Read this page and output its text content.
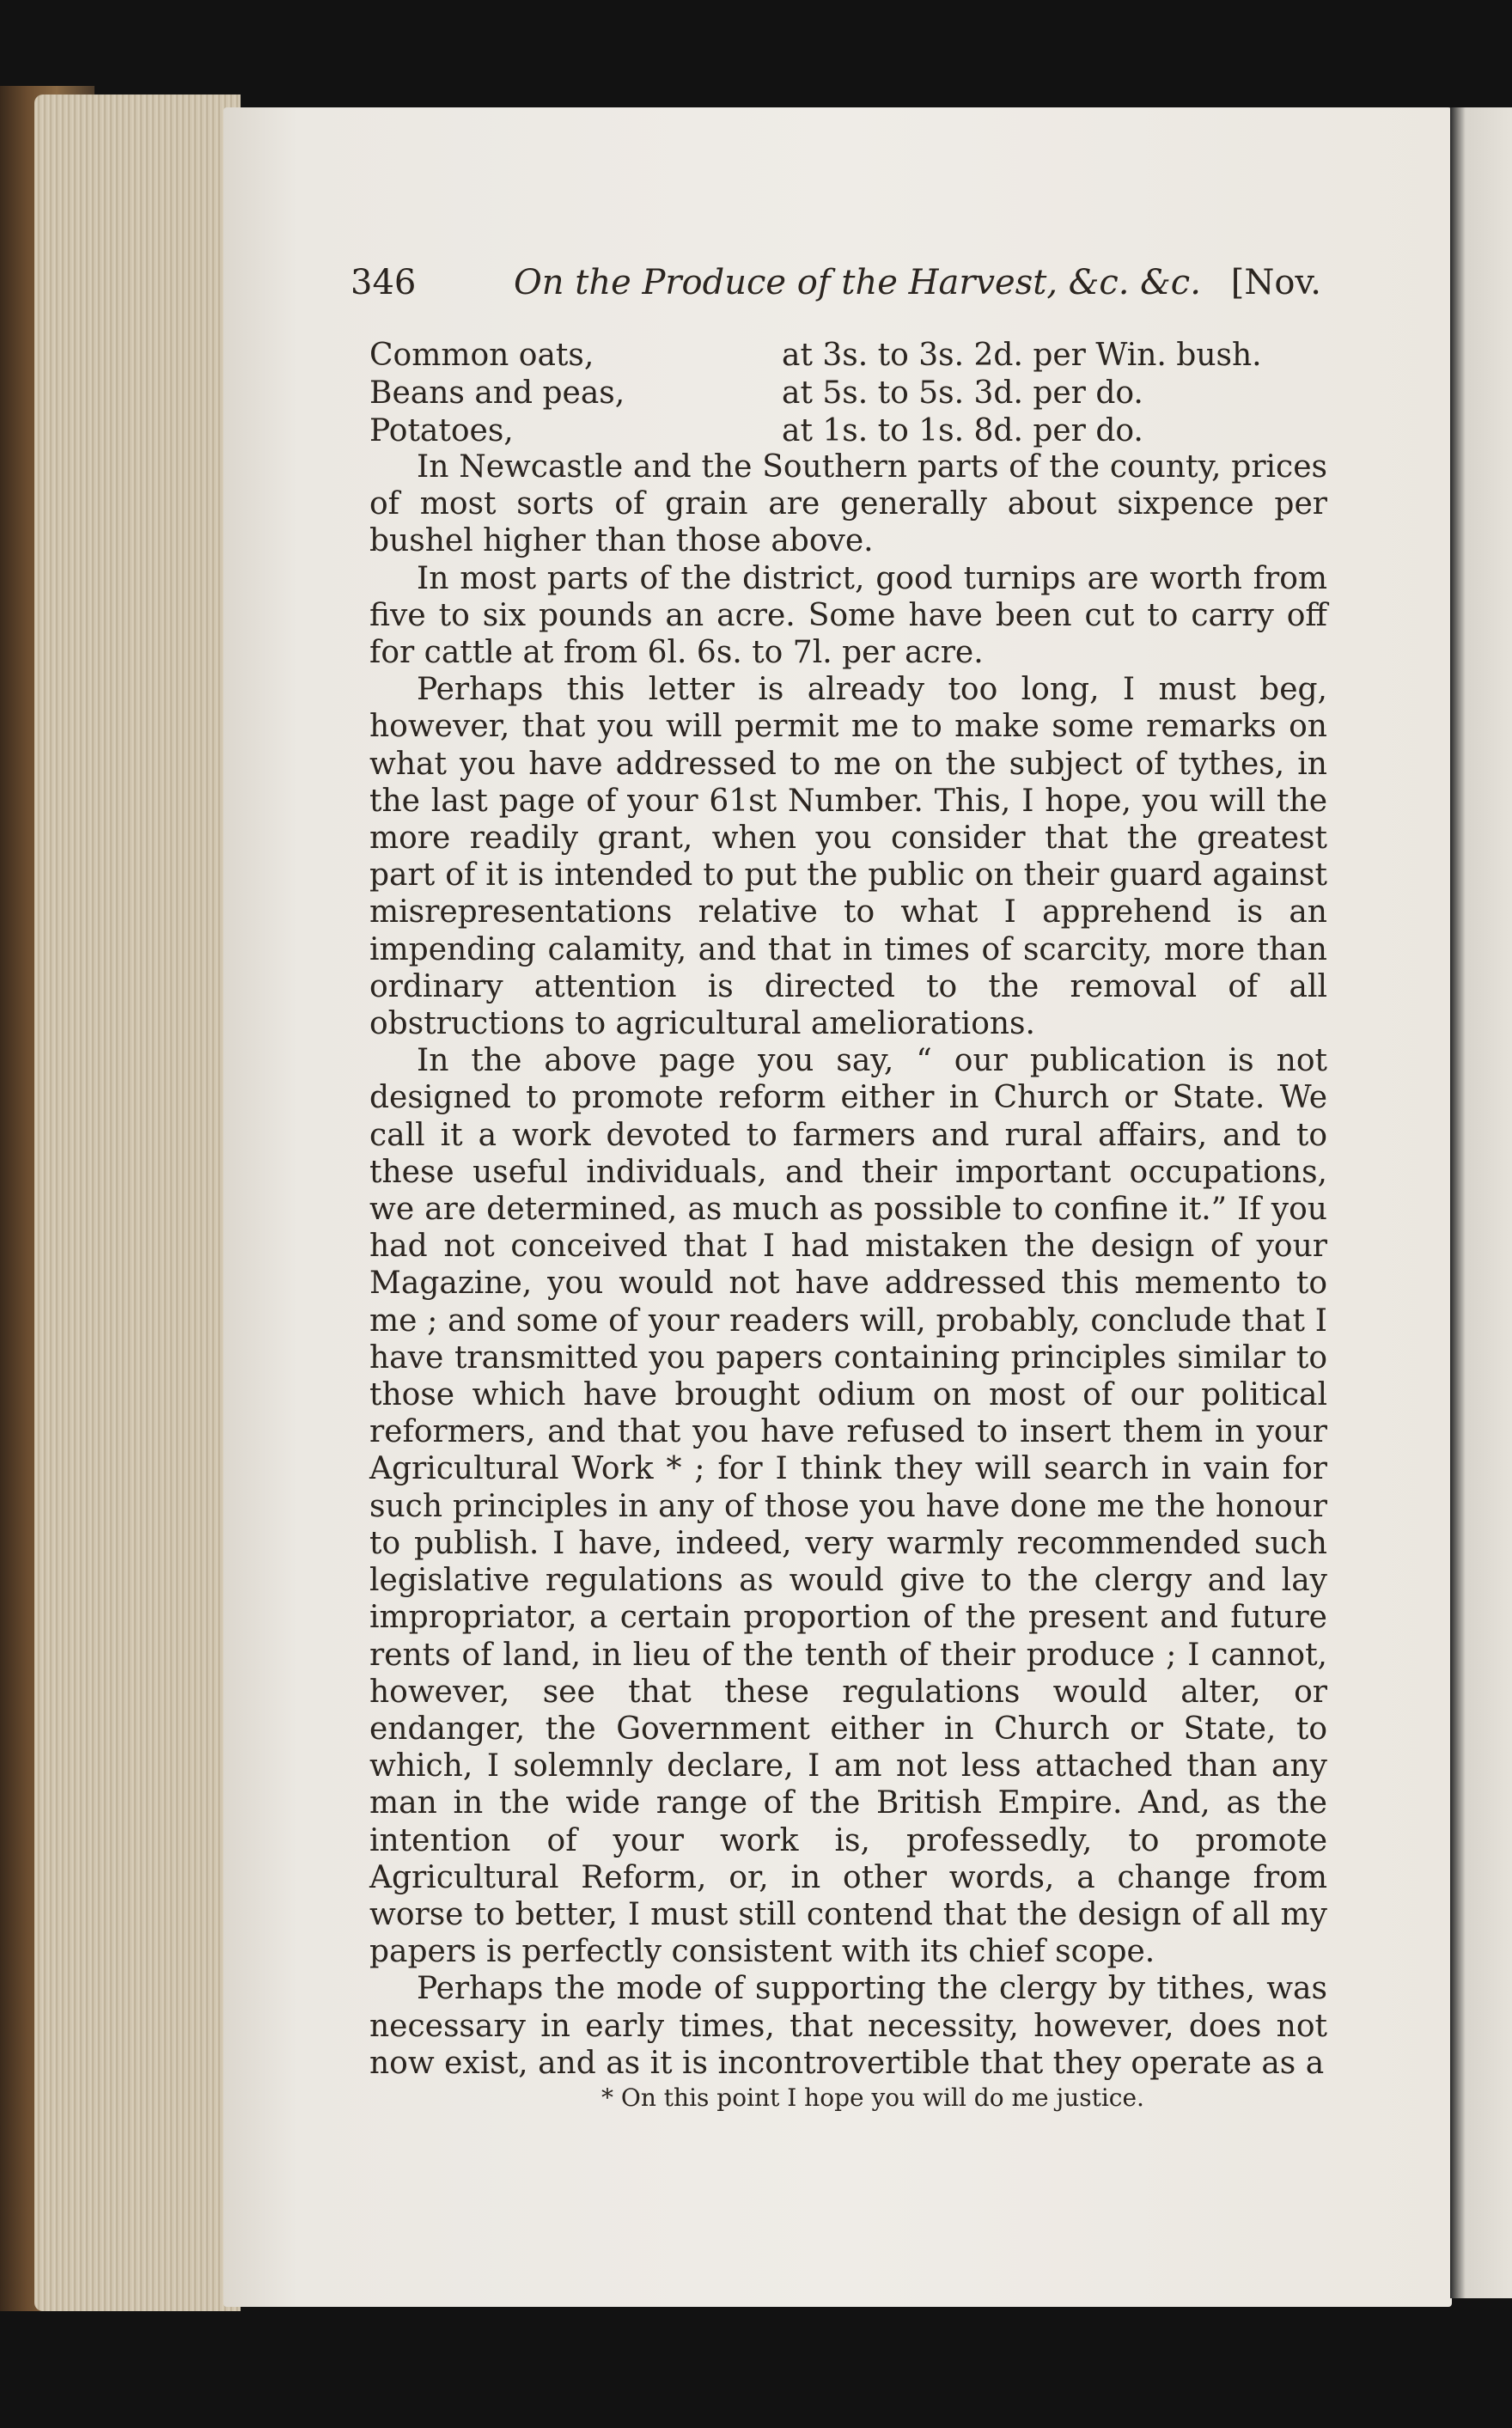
346	On the Produce of the Harvest, &c. &c. [Nov.
Common oats,	at 3s. to 3s. 2d. per Win. bush.
Beans and peas,	at 5s. to 5s. 3d. per do.
Potatoes,	at 1s. to 1s. 8d. per do.

In Newcastle and the Southern parts of the county, prices of most sorts of grain are generally about sixpence per bushel higher than those above.

In most parts of the district, good turnips are worth from five to six pounds an acre. Some have been cut to carry off for cattle at from 6l. 6s. to 7l. per acre.

Perhaps this letter is already too long, I must beg, however, that you will permit me to make some remarks on what you have addressed to me on the subject of tythes, in the last page of your 61st Number. This, I hope, you will the more readily grant, when you consider that the greatest part of it is intended to put the public on their guard against misrepresentations relative to what I apprehend is an impending calamity, and that in times of scarcity, more than ordinary attention is directed to the removal of all obstructions to agricultural ameliorations.

In the above page you say, “ our publication is not designed to promote reform either in Church or State. We call it a work devoted to farmers and rural affairs, and to these useful individuals, and their important occupations, we are determined, as much as possible to confine it.” If you had not conceived that I had mistaken the design of your Magazine, you would not have addressed this memento to me ; and some of your readers will, probably, conclude that I have transmitted you papers containing principles similar to those which have brought odium on most of our political reformers, and that you have refused to insert them in your Agricultural Work * ; for I think they will search in vain for such principles in any of those you have done me the honour to publish. I have, indeed, very warmly recommended such legislative regulations as would give to the clergy and lay impropriator, a certain proportion of the present and future rents of land, in lieu of the tenth of their produce ; I cannot, however, see that these regulations would alter, or endanger, the Government either in Church or State, to which, I solemnly declare, I am not less attached than any man in the wide range of the British Empire. And, as the intention of your work is, professedly, to promote Agricultural Reform, or, in other words, a change from worse to better, I must still contend that the design of all my papers is perfectly consistent with its chief scope.

Perhaps the mode of supporting the clergy by tithes, was necessary in early times, that necessity, however, does not now exist, and as it is incontrovertible that they operate as a

* On this point I hope you will do me justice.
